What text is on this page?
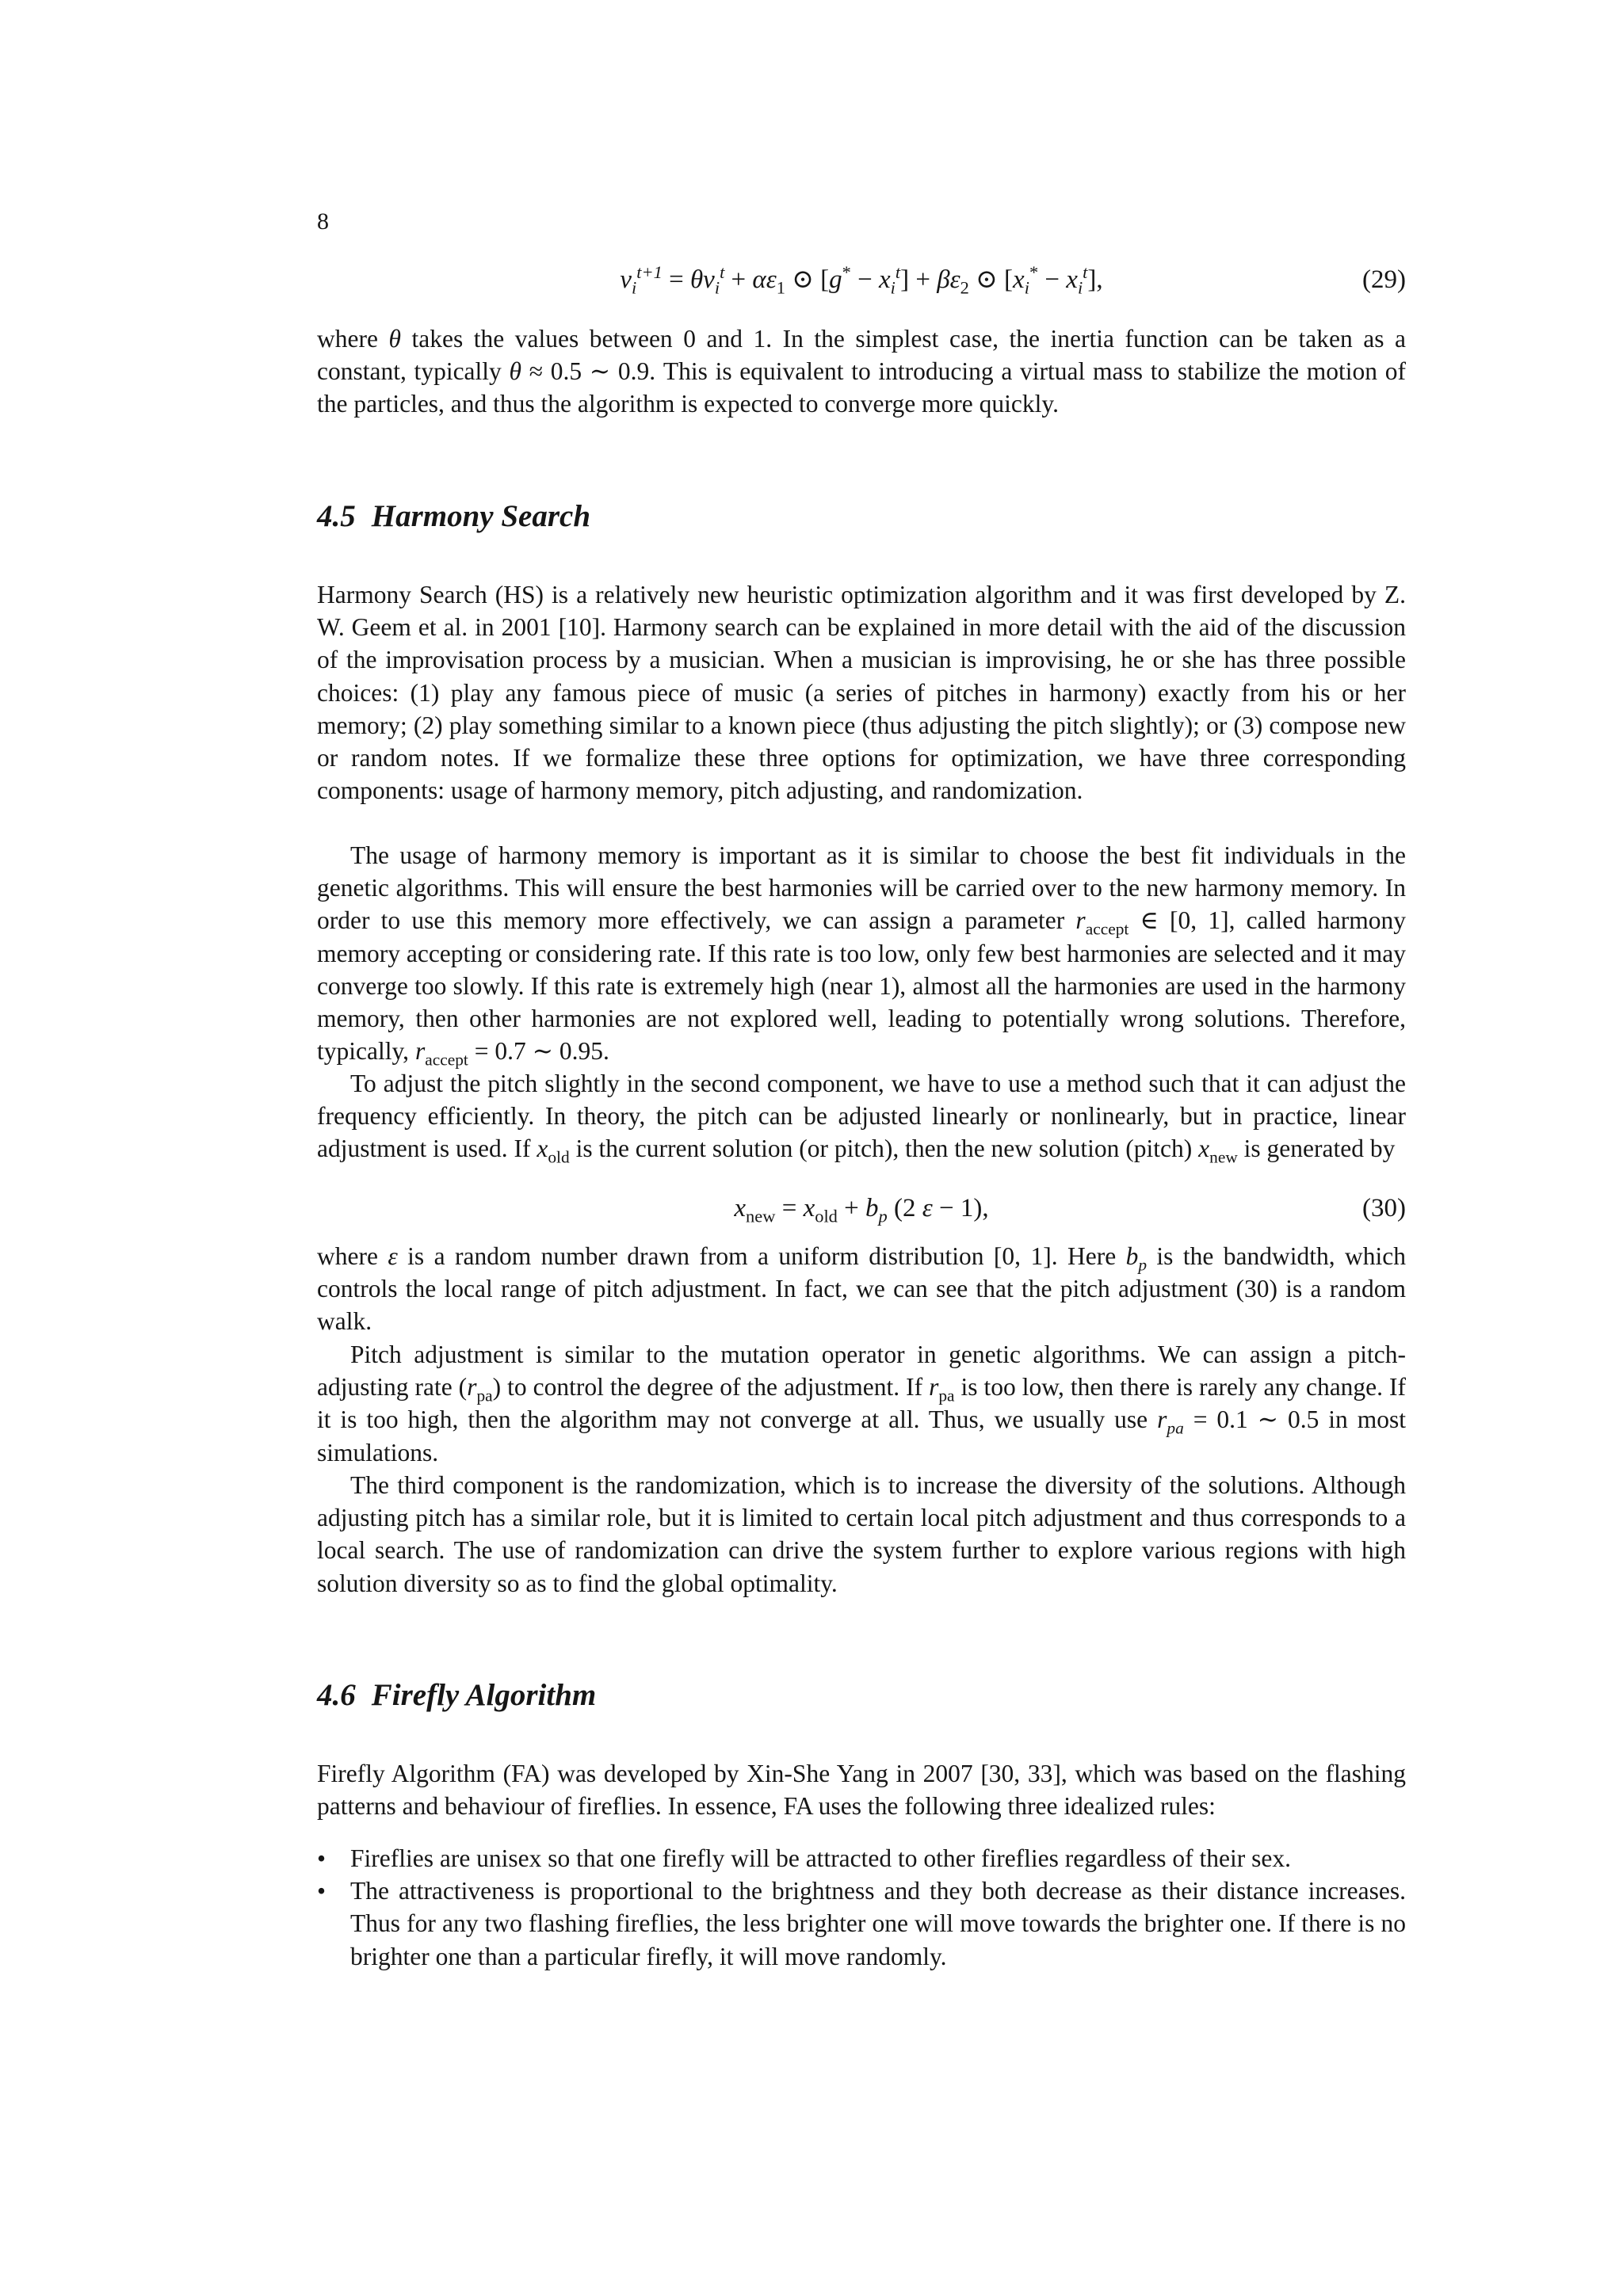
8
$v_i^{t+1} = \theta v_i^t + \alpha\varepsilon_1$ ⊙ $[g^* - x_i^t] + \beta\varepsilon_2$ ⊙ $[x_i^* - x_i^t]$,	(29)

where θ takes the values between 0 and 1. In the simplest case, the inertia function can be taken as a constant, typically θ ≈ 0.5 ∼ 0.9. This is equivalent to introducing a virtual mass to stabilize the motion of the particles, and thus the algorithm is expected to converge more quickly.

4.5 Harmony Search

Harmony Search (HS) is a relatively new heuristic optimization algorithm and it was first developed by Z. W. Geem et al. in 2001 [10]. Harmony search can be explained in more detail with the aid of the discussion of the improvisation process by a musician. When a musician is improvising, he or she has three possible choices: (1) play any famous piece of music (a series of pitches in harmony) exactly from his or her memory; (2) play something similar to a known piece (thus adjusting the pitch slightly); or (3) compose new or random notes. If we formalize these three options for optimization, we have three corresponding components: usage of harmony memory, pitch adjusting, and randomization.

The usage of harmony memory is important as it is similar to choose the best fit individuals in the genetic algorithms. This will ensure the best harmonies will be carried over to the new harmony memory. In order to use this memory more effectively, we can assign a parameter $r_{accept}$ ∈ [0, 1], called harmony memory accepting or considering rate. If this rate is too low, only few best harmonies are selected and it may converge too slowly. If this rate is extremely high (near 1), almost all the harmonies are used in the harmony memory, then other harmonies are not explored well, leading to potentially wrong solutions. Therefore, typically, $r_{accept} = 0.7$ ∼ 0.95.

To adjust the pitch slightly in the second component, we have to use a method such that it can adjust the frequency efficiently. In theory, the pitch can be adjusted linearly or nonlinearly, but in practice, linear adjustment is used. If $x_{old}$ is the current solution (or pitch), then the new solution (pitch) $x_{new}$ is generated by

$x_{new} = x_{old} + b_p$ (2 ε − 1),	(30)

where ε is a random number drawn from a uniform distribution [0, 1]. Here $b_p$ is the bandwidth, which controls the local range of pitch adjustment. In fact, we can see that the pitch adjustment (30) is a random walk.

Pitch adjustment is similar to the mutation operator in genetic algorithms. We can assign a pitch-adjusting rate $(r_{pa})$ to control the degree of the adjustment. If $r_{pa}$ is too low, then there is rarely any change. If it is too high, then the algorithm may not converge at all. Thus, we usually use $r_{pa} = 0.1$ ∼ 0.5 in most simulations.

The third component is the randomization, which is to increase the diversity of the solutions. Although adjusting pitch has a similar role, but it is limited to certain local pitch adjustment and thus corresponds to a local search. The use of randomization can drive the system further to explore various regions with high solution diversity so as to find the global optimality.

4.6 Firefly Algorithm

Firefly Algorithm (FA) was developed by Xin-She Yang in 2007 [30, 33], which was based on the flashing patterns and behaviour of fireflies. In essence, FA uses the following three idealized rules:

• Fireflies are unisex so that one firefly will be attracted to other fireflies regardless of their sex.
• The attractiveness is proportional to the brightness and they both decrease as their distance increases. Thus for any two flashing fireflies, the less brighter one will move towards the brighter one. If there is no brighter one than a particular firefly, it will move randomly.
